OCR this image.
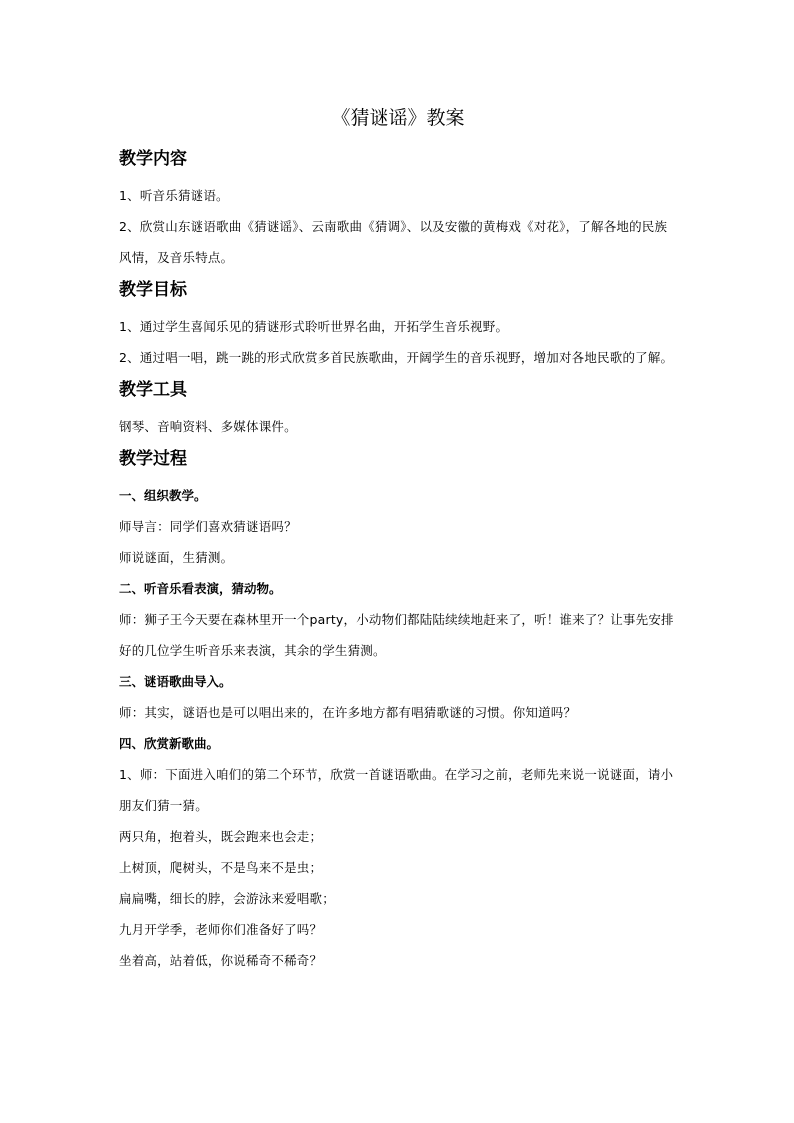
《猜谜谣》教案
教学内容

1、听音乐猜谜语。

2、欣赏山东谜语歌曲《猜谜谣》、云南歌曲《猜调》、以及安徽的黄梅戏《对花》，了解各地的民族风情，及音乐特点。

教学目标

1、通过学生喜闻乐见的猜谜形式聆听世界名曲，开拓学生音乐视野。

2、通过唱一唱，跳一跳的形式欣赏多首民族歌曲，开阔学生的音乐视野，增加对各地民歌的了解。

教学工具

钢琴、音响资料、多媒体课件。

教学过程

一、组织教学。

师导言：同学们喜欢猜谜语吗？

师说谜面，生猜测。

二、听音乐看表演，猜动物。

师：狮子王今天要在森林里开一个party，小动物们都陆陆续续地赶来了，听！谁来了？让事先安排好的几位学生听音乐来表演，其余的学生猜测。

三、谜语歌曲导入。

师：其实，谜语也是可以唱出来的，在许多地方都有唱猜歌谜的习惯。你知道吗？

四、欣赏新歌曲。

1、师：下面进入咱们的第二个环节，欣赏一首谜语歌曲。在学习之前，老师先来说一说谜面，请小朋友们猜一猜。

两只角，抱着头，既会跑来也会走；

上树顶，爬树头，不是鸟来不是虫；

扁扁嘴，细长的脖，会游泳来爱唱歌；

九月开学季，老师你们准备好了吗？

坐着高，站着低，你说稀奇不稀奇？
